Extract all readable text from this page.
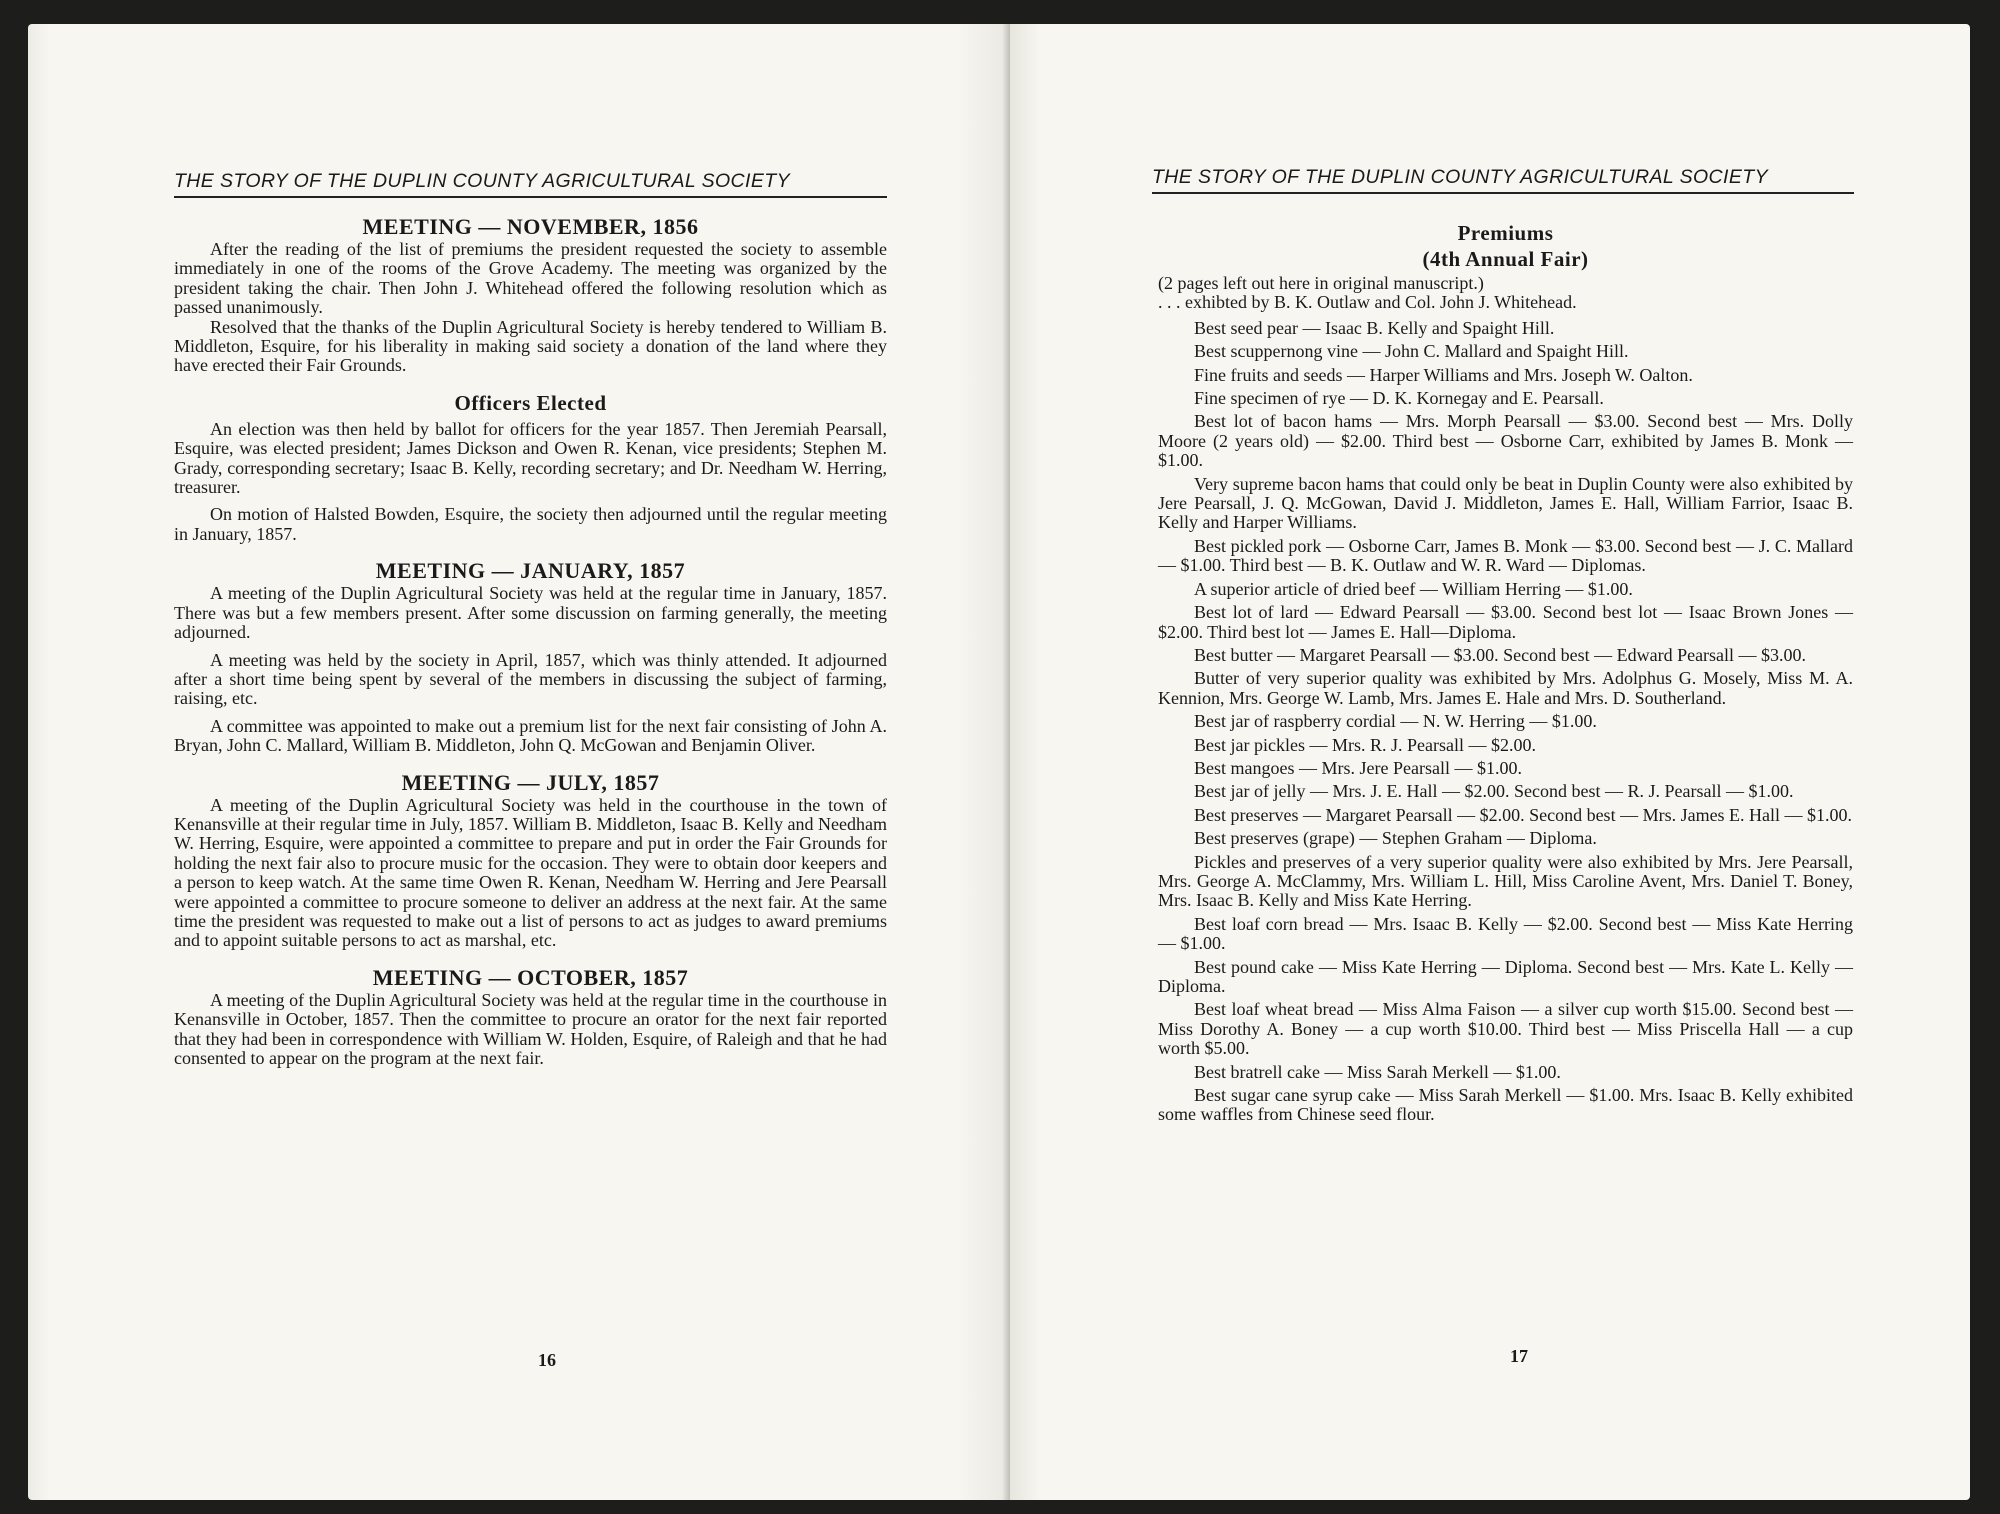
THE STORY OF THE DUPLIN COUNTY AGRICULTURAL SOCIETY
MEETING — NOVEMBER, 1856

After the reading of the list of premiums the president requested the society to assemble immediately in one of the rooms of the Grove Academy. The meeting was organized by the president taking the chair. Then John J. Whitehead offered the following resolution which as passed unanimously.

Resolved that the thanks of the Duplin Agricultural Society is hereby tendered to William B. Middleton, Esquire, for his liberality in making said society a donation of the land where they have erected their Fair Grounds.

Officers Elected

An election was then held by ballot for officers for the year 1857. Then Jeremiah Pearsall, Esquire, was elected president; James Dickson and Owen R. Kenan, vice presidents; Stephen M. Grady, corresponding secretary; Isaac B. Kelly, recording secretary; and Dr. Needham W. Herring, treasurer.

On motion of Halsted Bowden, Esquire, the society then adjourned until the regular meeting in January, 1857.

MEETING — JANUARY, 1857

A meeting of the Duplin Agricultural Society was held at the regular time in January, 1857. There was but a few members present. After some discussion on farming generally, the meeting adjourned.

A meeting was held by the society in April, 1857, which was thinly attended. It adjourned after a short time being spent by several of the members in discussing the subject of farming, raising, etc.

A committee was appointed to make out a premium list for the next fair consisting of John A. Bryan, John C. Mallard, William B. Middleton, John Q. McGowan and Benjamin Oliver.

MEETING — JULY, 1857

A meeting of the Duplin Agricultural Society was held in the courthouse in the town of Kenansville at their regular time in July, 1857. William B. Middleton, Isaac B. Kelly and Needham W. Herring, Esquire, were appointed a committee to prepare and put in order the Fair Grounds for holding the next fair also to procure music for the occasion. They were to obtain door keepers and a person to keep watch. At the same time Owen R. Kenan, Needham W. Herring and Jere Pearsall were appointed a committee to procure someone to deliver an address at the next fair. At the same time the president was requested to make out a list of persons to act as judges to award premiums and to appoint suitable persons to act as marshal, etc.

MEETING — OCTOBER, 1857

A meeting of the Duplin Agricultural Society was held at the regular time in the courthouse in Kenansville in October, 1857. Then the committee to procure an orator for the next fair reported that they had been in correspondence with William W. Holden, Esquire, of Raleigh and that he had consented to appear on the program at the next fair.

16
THE STORY OF THE DUPLIN COUNTY AGRICULTURAL SOCIETY
Premiums
(4th Annual Fair)

(2 pages left out here in original manuscript.)

. . . exhibted by B. K. Outlaw and Col. John J. Whitehead.

Best seed pear — Isaac B. Kelly and Spaight Hill.

Best scuppernong vine — John C. Mallard and Spaight Hill.

Fine fruits and seeds — Harper Williams and Mrs. Joseph W. Oalton.

Fine specimen of rye — D. K. Kornegay and E. Pearsall.

Best lot of bacon hams — Mrs. Morph Pearsall — $3.00. Second best — Mrs. Dolly Moore (2 years old) — $2.00. Third best — Osborne Carr, exhibited by James B. Monk — $1.00.

Very supreme bacon hams that could only be beat in Duplin County were also exhibited by Jere Pearsall, J. Q. McGowan, David J. Middleton, James E. Hall, William Farrior, Isaac B. Kelly and Harper Williams.

Best pickled pork — Osborne Carr, James B. Monk — $3.00. Second best — J. C. Mallard — $1.00. Third best — B. K. Outlaw and W. R. Ward — Diplomas.

A superior article of dried beef — William Herring — $1.00.

Best lot of lard — Edward Pearsall — $3.00. Second best lot — Isaac Brown Jones — $2.00. Third best lot — James E. Hall—Diploma.

Best butter — Margaret Pearsall — $3.00. Second best — Edward Pearsall — $3.00.

Butter of very superior quality was exhibited by Mrs. Adolphus G. Mosely, Miss M. A. Kennion, Mrs. George W. Lamb, Mrs. James E. Hale and Mrs. D. Southerland.

Best jar of raspberry cordial — N. W. Herring — $1.00.

Best jar pickles — Mrs. R. J. Pearsall — $2.00.

Best mangoes — Mrs. Jere Pearsall — $1.00.

Best jar of jelly — Mrs. J. E. Hall — $2.00. Second best — R. J. Pearsall — $1.00.

Best preserves — Margaret Pearsall — $2.00. Second best — Mrs. James E. Hall — $1.00.

Best preserves (grape) — Stephen Graham — Diploma.

Pickles and preserves of a very superior quality were also exhibited by Mrs. Jere Pearsall, Mrs. George A. McClammy, Mrs. William L. Hill, Miss Caroline Avent, Mrs. Daniel T. Boney, Mrs. Isaac B. Kelly and Miss Kate Herring.

Best loaf corn bread — Mrs. Isaac B. Kelly — $2.00. Second best — Miss Kate Herring — $1.00.

Best pound cake — Miss Kate Herring — Diploma. Second best — Mrs. Kate L. Kelly — Diploma.

Best loaf wheat bread — Miss Alma Faison — a silver cup worth $15.00. Second best — Miss Dorothy A. Boney — a cup worth $10.00. Third best — Miss Priscella Hall — a cup worth $5.00.

Best bratrell cake — Miss Sarah Merkell — $1.00.

Best sugar cane syrup cake — Miss Sarah Merkell — $1.00. Mrs. Isaac B. Kelly exhibited some waffles from Chinese seed flour.

17
